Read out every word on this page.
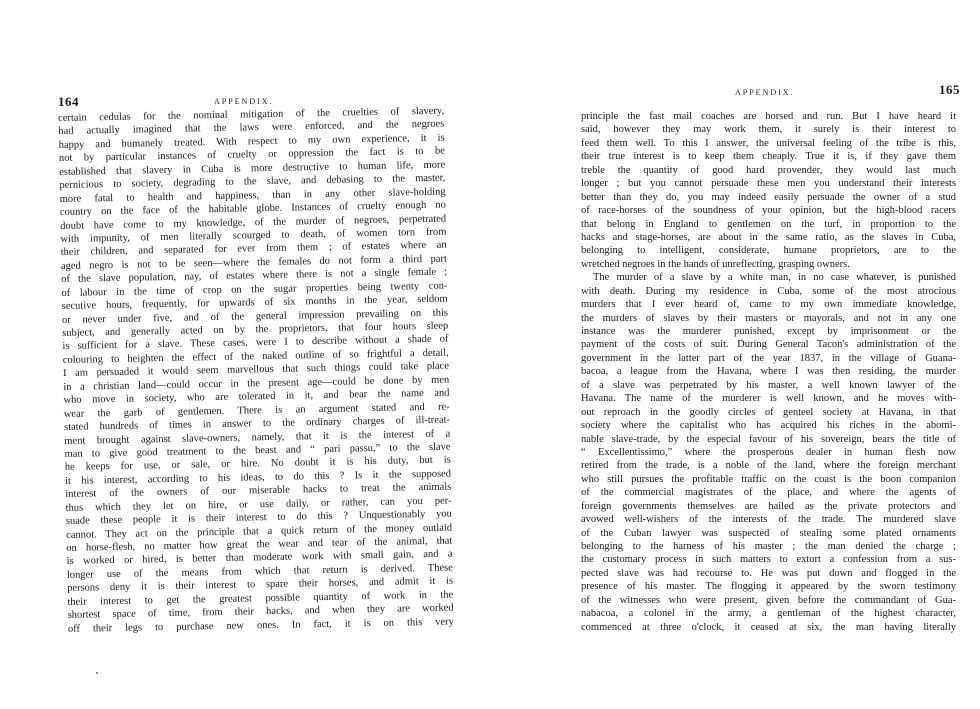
164	APPENDIX.
certain cedulas for the nominal mitigation of the cruelties of slavery,
had actually imagined that the laws were enforced, and the negroes
happy and humanely treated. With respect to my own experience, it is
not by particular instances of cruelty or oppression the fact is to be
established that slavery in Cuba is more destructive to human life, more
pernicious to society, degrading to the slave, and debasing to the master,
more fatal to health and happiness, than in any other slave-holding
country on the face of the habitable globe. Instances of cruelty enough no
doubt have come to my knowledge, of the murder of negroes, perpetrated
with impunity, of men literally scourged to death, of women torn from
their children, and separated for ever from them ; of estates where an
aged negro is not to be seen—where the females do not form a third part
of the slave population, nay, of estates where there is not a single female ;
of labour in the time of crop on the sugar properties being twenty con-
secutive hours, frequently, for upwards of six months in the year, seldom
or never under five, and of the general impression prevailing on this
subject, and generally acted on by the proprietors, that four hours sleep
is sufficient for a slave. These cases, were I to describe without a shade of
colouring to heighten the effect of the naked outline of so frightful a detail,
I am persuaded it would seem marvellous that such things could take place
in a christian land—could occur in the present age—could be done by men
who move in society, who are tolerated in it, and bear the name and
wear the garb of gentlemen. There is an argument stated and re-
stated hundreds of times in answer to the ordinary charges of ill-treat-
ment brought against slave-owners, namely, that it is the interest of a
man to give good treatment to the beast and “ pari passu,” to the slave
he keeps for use, or sale, or hire. No doubt it is his duty, but is
it his interest, according to his ideas, to do this ? Is it the supposed
interest of the owners of our miserable hacks to treat the animals
thus which they let on hire, or use daily, or rather, can you per-
suade these people it is their interest to do this ? Unquestionably you
cannot. They act on the principle that a quick return of the money outlaid
on horse-flesh, no matter how great the wear and tear of the animal, that
is worked or hired, is better than moderate work with small gain, and a
longer use of the means from which that return is derived. These
persons deny it is their interest to spare their horses, and admit it is
their interest to get the greatest possible quantity of work in the
shortest space of time, from their hacks, and when they are worked
off their legs to purchase new ones. In fact, it is on this very
APPENDIX.	165
principle the fast mail coaches are horsed and run. But I have heard it
said, however they may work them, it surely is their interest to
feed them well. To this I answer, the universal feeling of the tribe is this,
their true interest is to keep them cheaply. True it is, if they gave them
treble the quantity of good hard provender, they would last much
longer ; but you cannot persuade these men you understand their interests
better than they do, you may indeed easily persuade the owner of a stud
of race-horses of the soundness of your opinion, but the high-blood racers
that belong in England to gentlemen on the turf, in proportion to the
hacks and stage-horses, are about in the same ratio, as the slaves in Cuba,
belonging to intelligent, considerate, humane proprietors, are to the
wretched negroes in the hands of unreflecting, grasping owners.
The murder of a slave by a white man, in no case whatever, is punished
with death. During my residence in Cuba, some of the most atrocious
murders that I ever heard of, came to my own immediate knowledge,
the murders of slaves by their masters or mayorals, and not in any one
instance was the murderer punished, except by imprisonment or the
payment of the costs of suit. During General Tacon's administration of the
government in the latter part of the year 1837, in the village of Guana-
bacoa, a league from the Havana, where I was then residing, the murder
of a slave was perpetrated by his master, a well known lawyer of the
Havana. The name of the murderer is well known, and he moves with-
out reproach in the goodly circles of genteel society at Havana, in that
society where the capitalist who has acquired his riches in the abomi-
nable slave-trade, by the especial favour of his sovereign, bears the title of
“ Excellentissimo,” where the prosperous dealer in human flesh now
retired from the trade, is a noble of the land, where the foreign merchant
who still pursues the profitable traffic on the coast is the boon companion
of the commercial magistrates of the place, and where the agents of
foreign governments themselves are hailed as the private protectors and
avowed well-wishers of the interests of the trade. The murdered slave
of the Cuban lawyer was suspected of stealing some plated ornaments
belonging to the harness of his master ; the man denied the charge ;
the customary process in such matters to extort a confession from a sus-
pected slave was had recourse to. He was put down and flogged in the
presence of his master. The flogging it appeared by the sworn testimony
of the witnesses who were present, given before the commandant of Gua-
nabacoa, a colonel in the army, a gentleman of the highest character,
commenced at three o'clock, it ceased at six, the man having literally
